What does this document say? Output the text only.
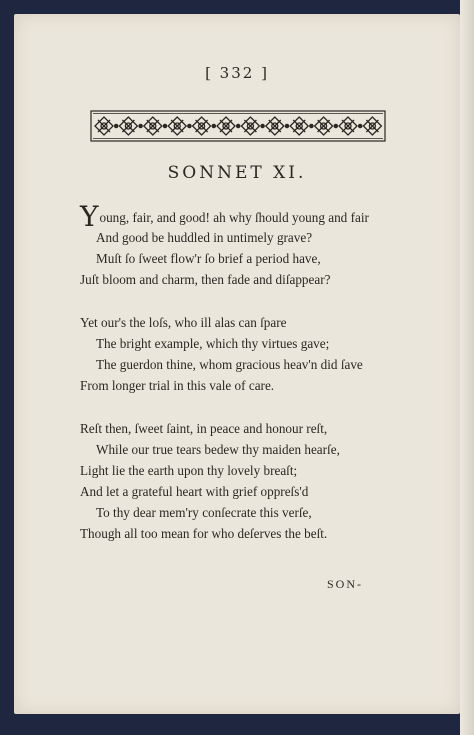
[ 332 ]
SONNET XI.
Young, fair, and good! ah why ſhould young and fair
And good be huddled in untimely grave?
Muſt ſo ſweet flow'r ſo brief a period have,
Juſt bloom and charm, then fade and diſappear?
Yet our's the loſs, who ill alas can ſpare
The bright example, which thy virtues gave;
The guerdon thine, whom gracious heav'n did ſave
From longer trial in this vale of care.
Reſt then, ſweet ſaint, in peace and honour reſt,
While our true tears bedew thy maiden hearſe,
Light lie the earth upon thy lovely breaſt;
And let a grateful heart with grief oppreſs'd
To thy dear mem'ry conſecrate this verſe,
Though all too mean for who deſerves the beſt.
SON-
